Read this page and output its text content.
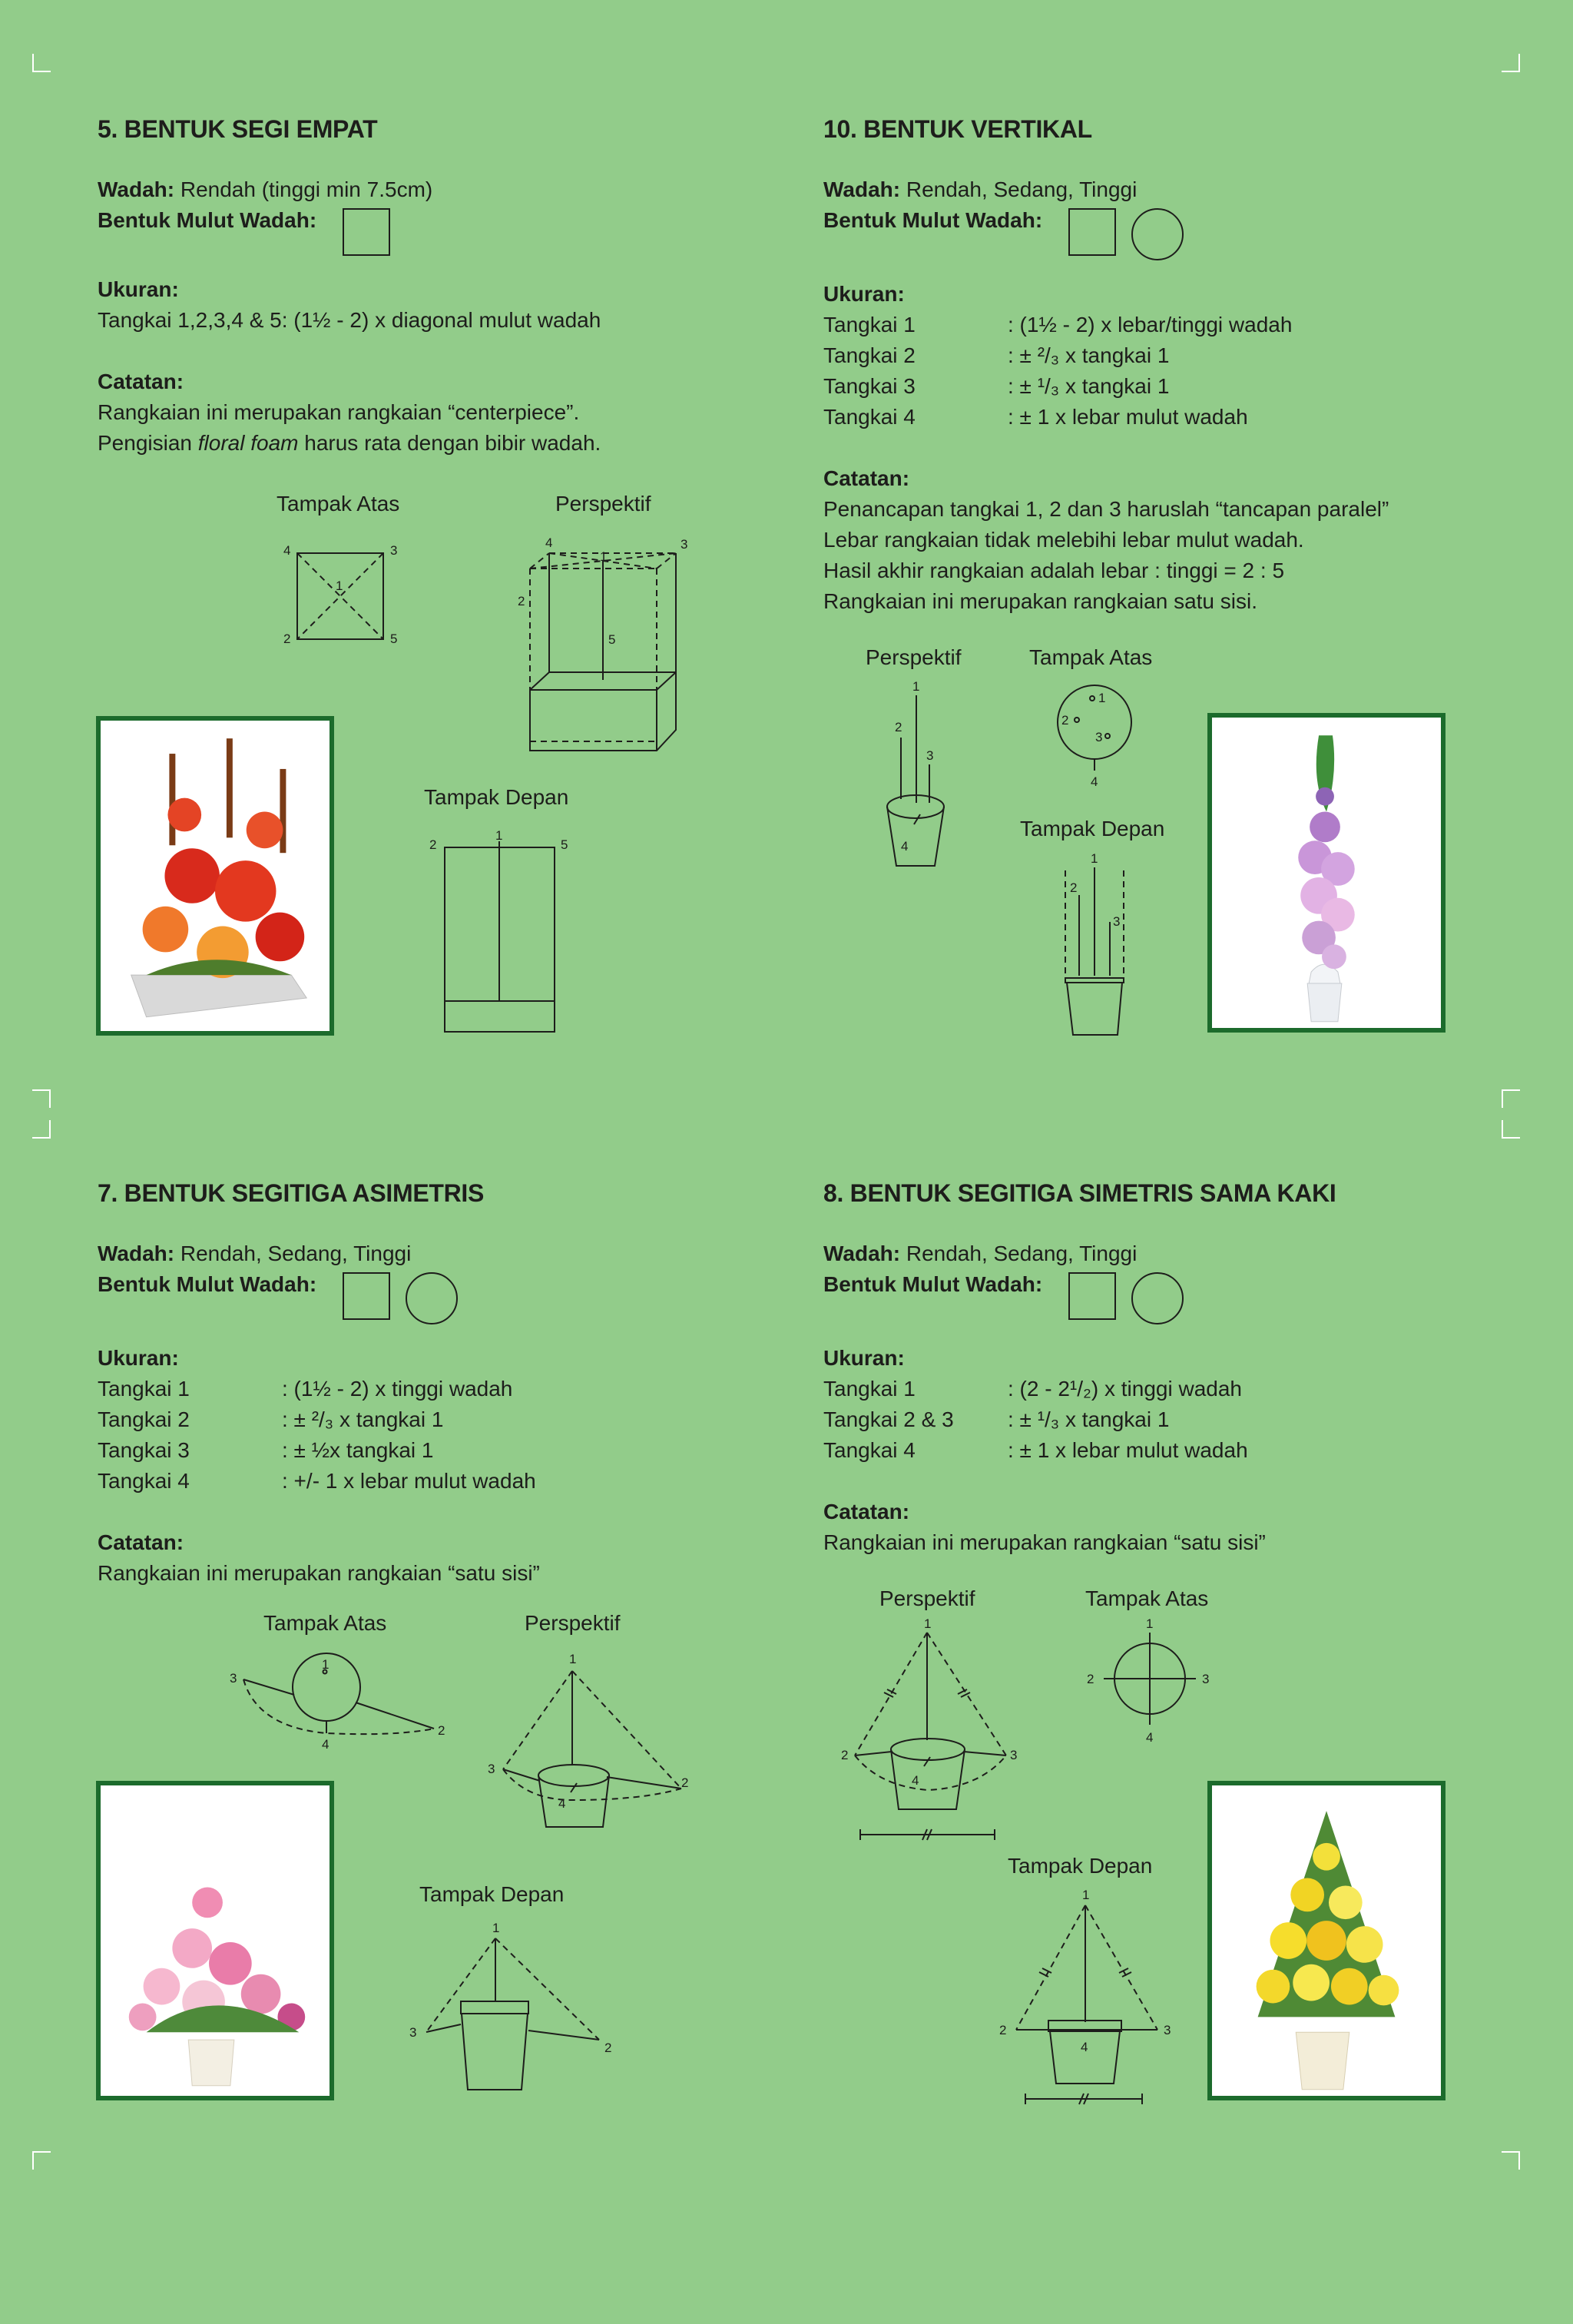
5. BENTUK SEGI EMPAT
Wadah: Rendah (tinggi min 7.5cm)
Bentuk Mulut Wadah:
Ukuran:
Tangkai 1,2,3,4 & 5: (1½ - 2) x diagonal mulut wadah
Catatan:
Rangkaian ini merupakan rangkaian “centerpiece”.
Pengisian floral foam harus rata dengan bibir wadah.
Tampak Atas	Perspektif
Tampak Depan
4	3
1
2	5
4	3
1
2
5
2
1
5
10. BENTUK VERTIKAL
Wadah: Rendah, Sedang, Tinggi
Bentuk Mulut Wadah:
Ukuran:
Tangkai 1	: (1½ - 2) x lebar/tinggi wadah
Tangkai 2	: ± ²/₃ x tangkai 1
Tangkai 3	: ± ¹/₃ x tangkai 1
Tangkai 4	: ± 1 x lebar mulut wadah
Catatan:
Penancapan tangkai 1, 2 dan 3 haruslah “tancapan paralel”
Lebar rangkaian tidak melebihi lebar mulut wadah.
Hasil akhir rangkaian adalah lebar : tinggi = 2 : 5
Rangkaian ini merupakan rangkaian satu sisi.
Perspektif	Tampak Atas
Tampak Depan
1
2
3
4
1
2
3
4
1
2
3
7. BENTUK SEGITIGA ASIMETRIS
Wadah: Rendah, Sedang, Tinggi
Bentuk Mulut Wadah:
Ukuran:
Tangkai 1	: (1½ - 2) x tinggi wadah
Tangkai 2	: ± ²/₃ x tangkai 1
Tangkai 3	: ± ½x tangkai 1
Tangkai 4	: +/- 1 x lebar mulut wadah
Catatan:
Rangkaian ini merupakan rangkaian “satu sisi”
Tampak Atas	Perspektif
Tampak Depan
3
1
2
4
1
3
2
4
1
3
2
8. BENTUK SEGITIGA SIMETRIS SAMA KAKI
Wadah: Rendah, Sedang, Tinggi
Bentuk Mulut Wadah:
Ukuran:
Tangkai 1	: (2 - 2¹/₂) x tinggi wadah
Tangkai 2 & 3	: ± ¹/₃ x tangkai 1
Tangkai 4	: ± 1 x lebar mulut wadah
Catatan:
Rangkaian ini merupakan rangkaian “satu sisi”
Perspektif	Tampak Atas
Tampak Depan
1
2	3
4
1
2	3
4
1
2	3
4
